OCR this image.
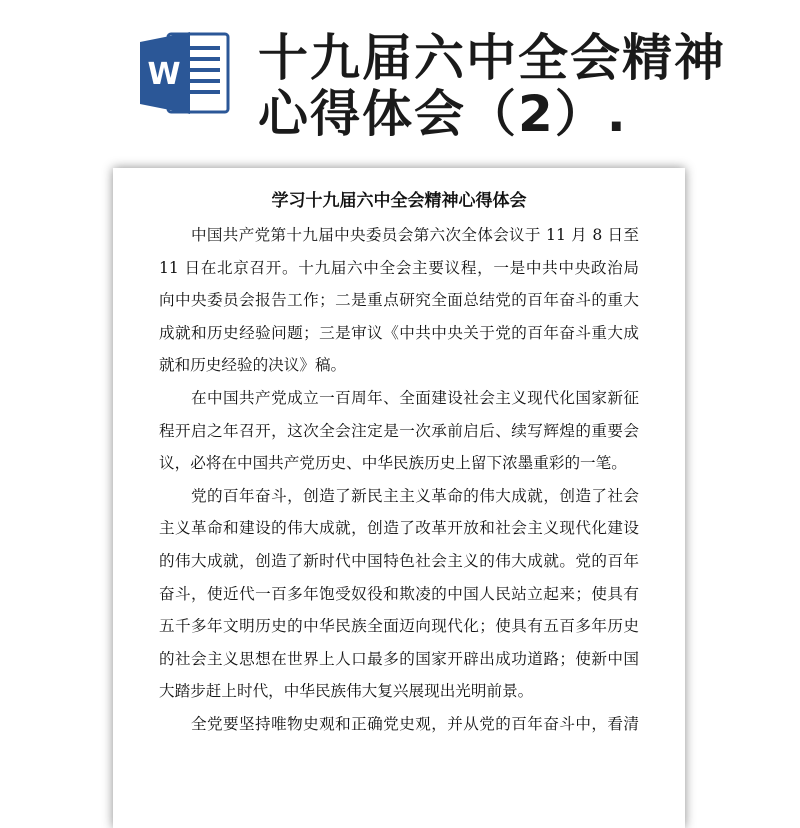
W 十九届六中全会精神
心得体会（2）.
学习十九届六中全会精神心得体会
中国共产党第十九届中央委员会第六次全体会议于 11 月 8 日至
11 日在北京召开。十九届六中全会主要议程，一是中共中央政治局
向中央委员会报告工作；二是重点研究全面总结党的百年奋斗的重大
成就和历史经验问题；三是审议《中共中央关于党的百年奋斗重大成
就和历史经验的决议》稿。
在中国共产党成立一百周年、全面建设社会主义现代化国家新征
程开启之年召开，这次全会注定是一次承前启后、续写辉煌的重要会
议，必将在中国共产党历史、中华民族历史上留下浓墨重彩的一笔。
党的百年奋斗，创造了新民主主义革命的伟大成就，创造了社会
主义革命和建设的伟大成就，创造了改革开放和社会主义现代化建设
的伟大成就，创造了新时代中国特色社会主义的伟大成就。党的百年
奋斗，使近代一百多年饱受奴役和欺凌的中国人民站立起来；使具有
五千多年文明历史的中华民族全面迈向现代化；使具有五百多年历史
的社会主义思想在世界上人口最多的国家开辟出成功道路；使新中国
大踏步赶上时代，中华民族伟大复兴展现出光明前景。
全党要坚持唯物史观和正确党史观，并从党的百年奋斗中，看清
